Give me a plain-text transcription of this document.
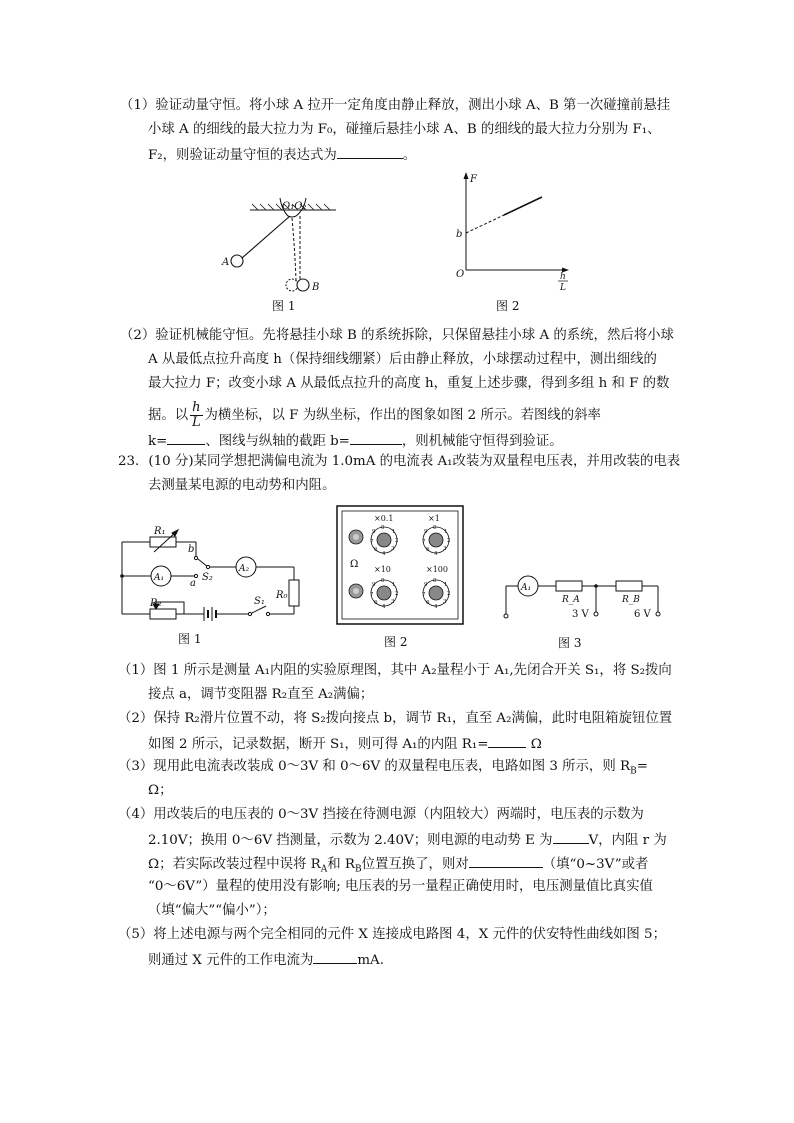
（1）验证动量守恒。将小球 A 拉开一定角度由静止释放，测出小球 A、B 第一次碰撞前悬挂
小球 A 的细线的最大拉力为 F₀，碰撞后悬挂小球 A、B 的细线的最大拉力分别为 F₁、
F₂，则验证动量守恒的表达式为	。
O₁O₂
A
B
图 1
F
b
O	h
L
图 2
（2）验证机械能守恒。先将悬挂小球 B 的系统拆除，只保留悬挂小球 A 的系统，然后将小球
A 从最低点拉升高度 h（保持细线绷紧）后由静止释放，小球摆动过程中，测出细线的
最大拉力 F；改变小球 A 从最低点拉升的高度 h，重复上述步骤，得到多组 h 和 F 的数
据。以 $\frac{h}{L}$ 为横坐标，以 F 为纵坐标，作出的图象如图 2 所示。若图线的斜率
k=	、图线与纵轴的截距 b=	，则机械能守恒得到验证。
23．(10 分)某同学想把满偏电流为 1.0mA 的电流表 A₁改装为双量程电压表，并用改装的电表
去测量某电源的电动势和内阻。
R₁
b
a
S₂
A₁
A₂
R₀
R₂	S₁
图 1
Ω
×0.1	×1
×10	×100
0
1
2
3
4
6
7
9
0
1
2
3
4
6
7
9
0
1
2
3
4
6
7
9
0
1
2
3
4
6
7
9
图 2
A₁
R_A	R_B
3 V	6 V
图 3
（1）图 1 所示是测量 A₁内阻的实验原理图，其中 A₂量程小于 A₁,先闭合开关 S₁，将 S₂拨向
接点 a，调节变阻器 R₂直至 A₂满偏；
（2）保持 R₂滑片位置不动，将 S₂拨向接点 b，调节 R₁，直至 A₂满偏，此时电阻箱旋钮位置
如图 2 所示，记录数据，断开 S₁，则可得 A₁的内阻 R₁=	Ω
（3）现用此电流表改装成 0～3V 和 0～6V 的双量程电压表，电路如图 3 所示，则 $R_B=$
Ω；
（4）用改装后的电压表的 0～3V 挡接在待测电源（内阻较大）两端时，电压表的示数为
2.10V；换用 0～6V 挡测量，示数为 2.40V；则电源的电动势 E 为	V，内阻 r 为
Ω；若实际改装过程中误将 $R_A$和 $R_B$位置互换了，则对	（填“0~3V”或者
“0～6V”）量程的使用没有影响; 电压表的另一量程正确使用时，电压测量值比真实值
（填“偏大”“偏小”）；
（5）将上述电源与两个完全相同的元件 X 连接成电路图 4，X 元件的伏安特性曲线如图 5；
则通过 X 元件的工作电流为	mA.
